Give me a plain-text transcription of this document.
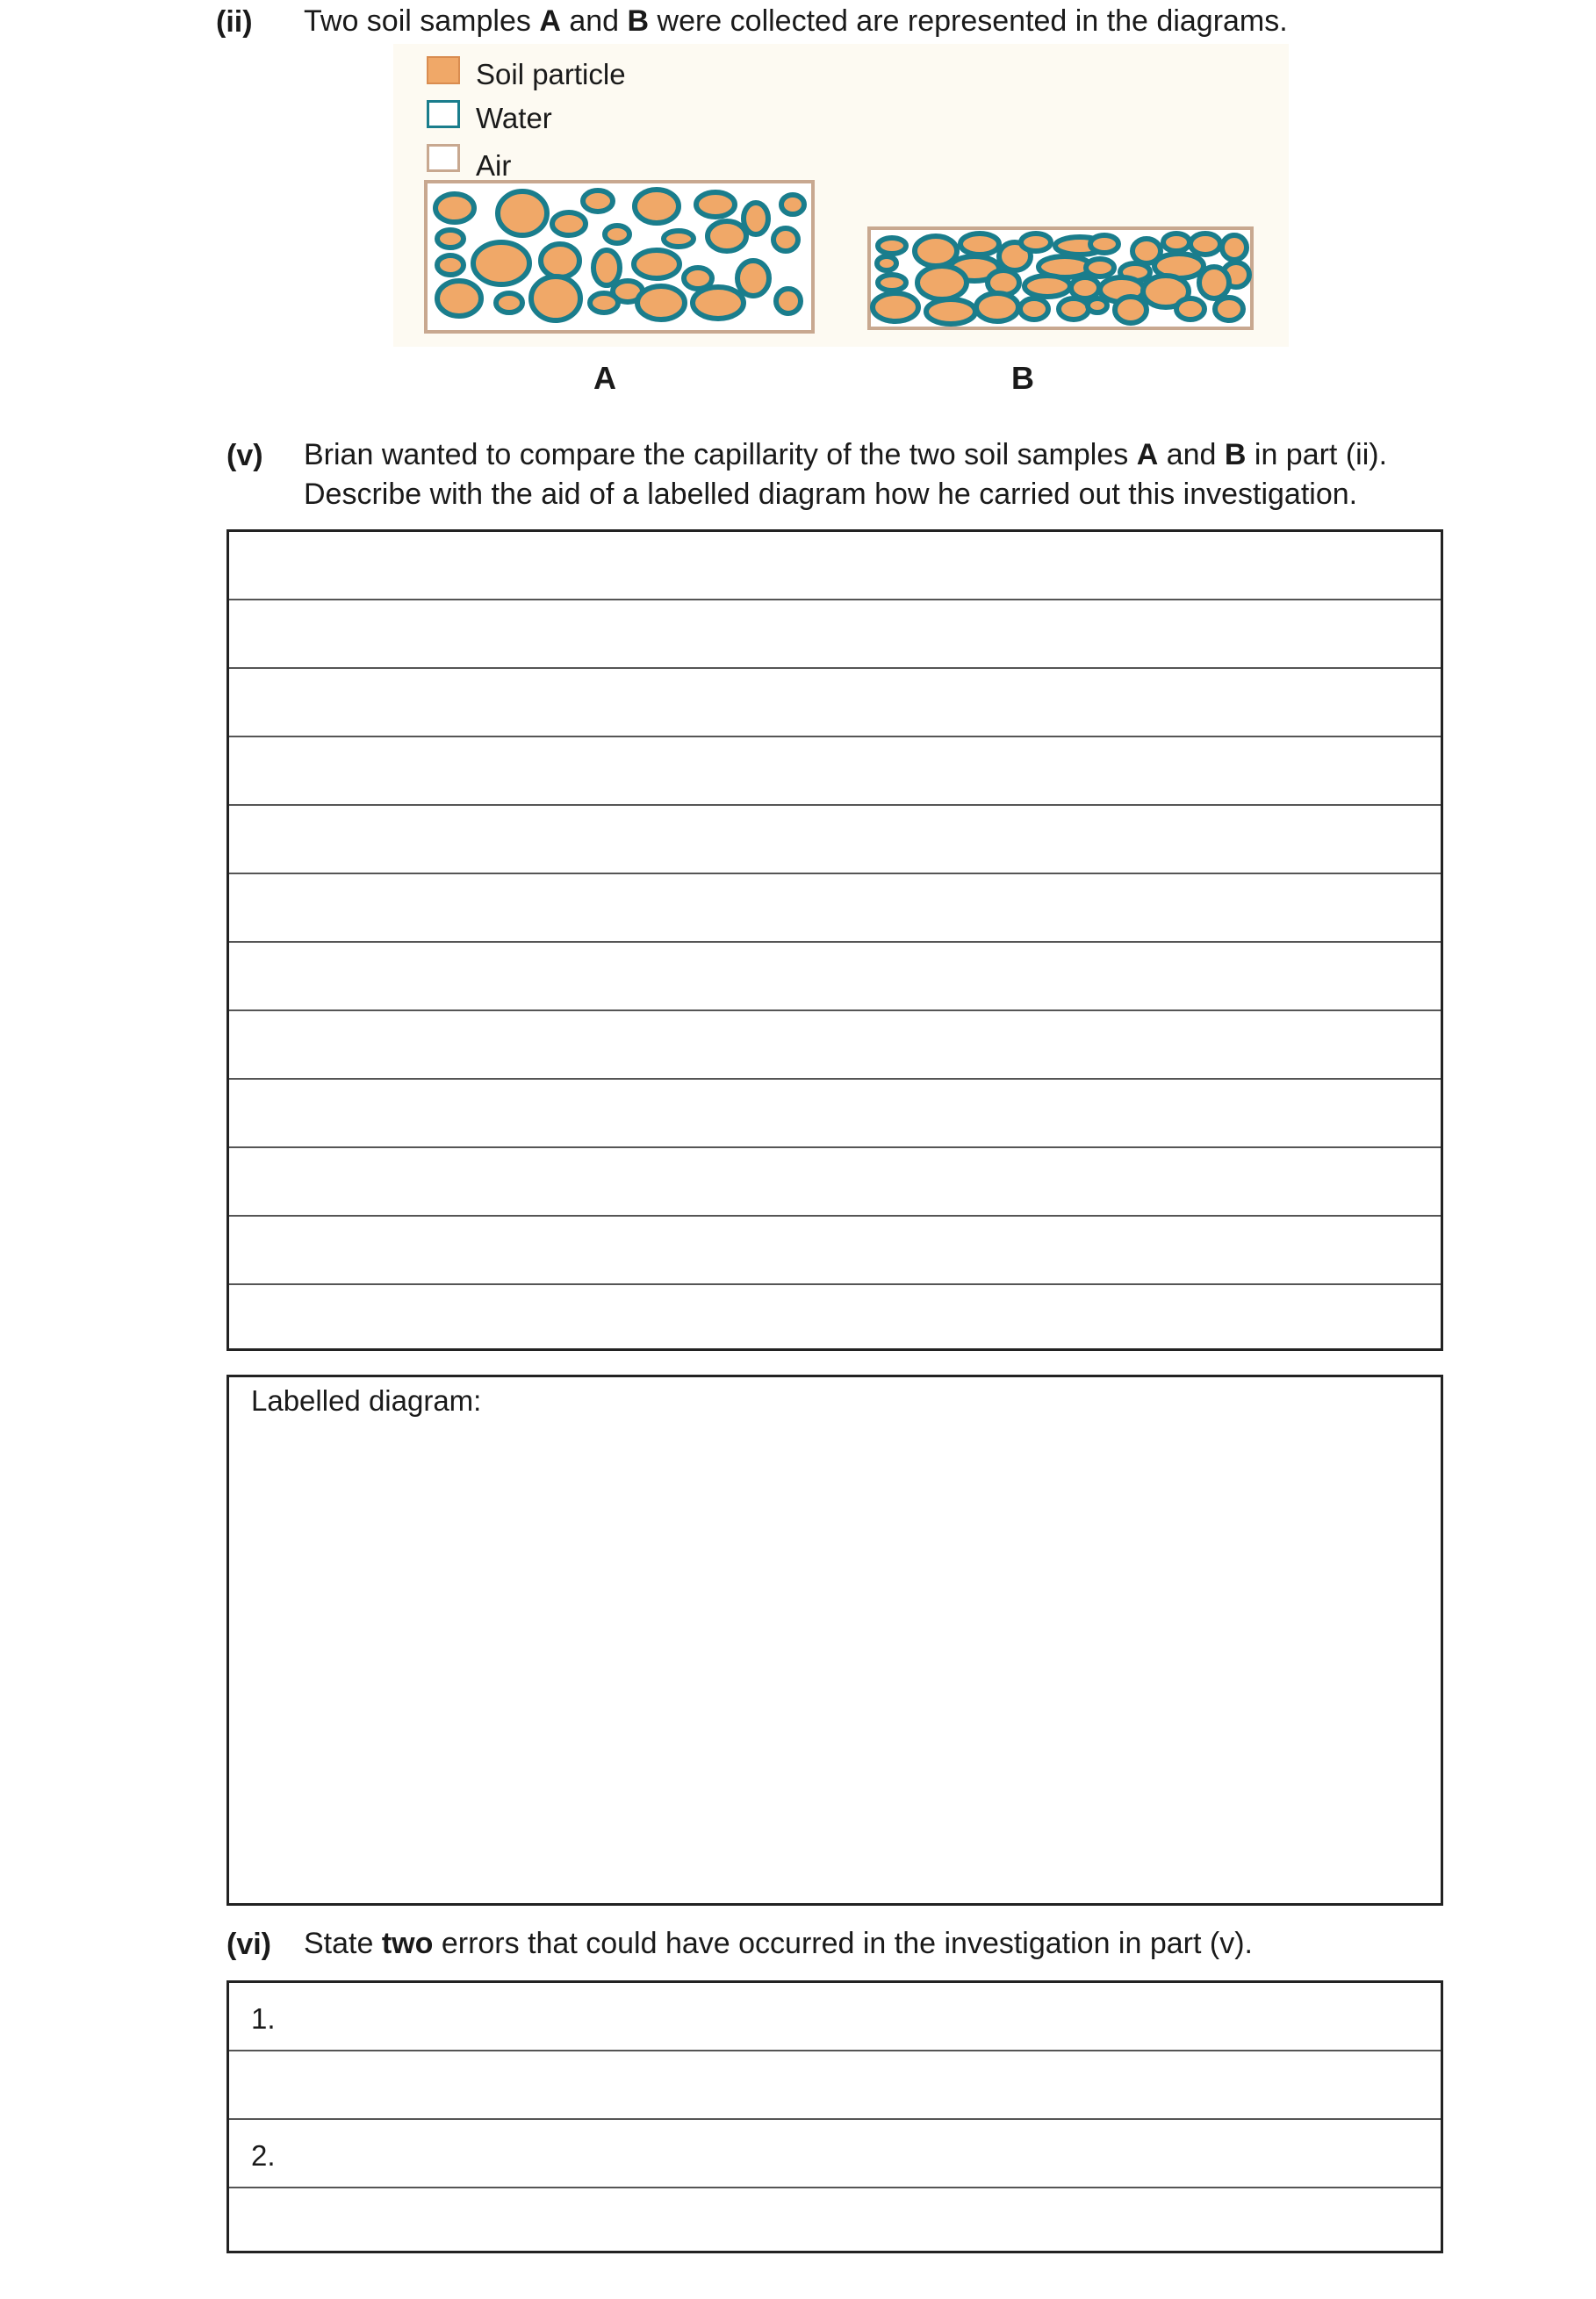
(ii) Two soil samples A and B were collected are represented in the diagrams.
Soil particle
Water
Air
A	B
(v) Brian wanted to compare the capillarity of the two soil samples A and B in part (ii).
Describe with the aid of a labelled diagram how he carried out this investigation.
Labelled diagram:
(vi) State two errors that could have occurred in the investigation in part (v).
1.
2.
